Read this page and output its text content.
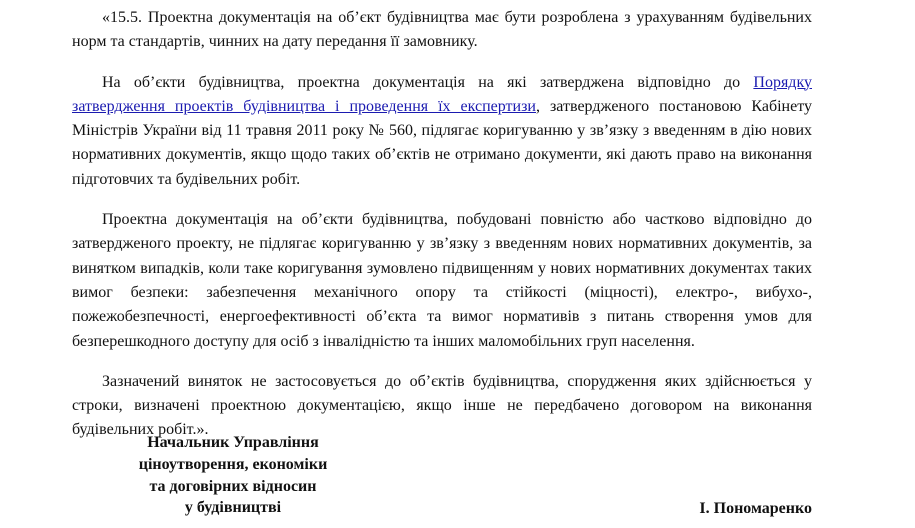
«15.5. Проектна документація на об’єкт будівництва має бути розроблена з урахуванням будівельних норм та стандартів, чинних на дату передання її замовнику.

На об’єкти будівництва, проектна документація на які затверджена відповідно до Порядку затвердження проектів будівництва і проведення їх експертизи, затвердженого постановою Кабінету Міністрів України від 11 травня 2011 року № 560, підлягає коригуванню у зв’язку з введенням в дію нових нормативних документів, якщо щодо таких об’єктів не отримано документи, які дають право на виконання підготовчих та будівельних робіт.

Проектна документація на об’єкти будівництва, побудовані повністю або частково відповідно до затвердженого проекту, не підлягає коригуванню у зв’язку з введенням нових нормативних документів, за винятком випадків, коли таке коригування зумовлено підвищенням у нових нормативних документах таких вимог безпеки: забезпечення механічного опору та стійкості (міцності), електро-, вибухо-, пожежобезпечності, енергоефективності об’єкта та вимог нормативів з питань створення умов для безперешкодного доступу для осіб з інвалідністю та інших маломобільних груп населення.

Зазначений виняток не застосовується до об’єктів будівництва, спорудження яких здійснюється у строки, визначені проектною документацією, якщо інше не передбачено договором на виконання будівельних робіт.».

Начальник Управління
ціноутворення, економіки
та договірних відносин
у будівництві	І. Пономаренко
